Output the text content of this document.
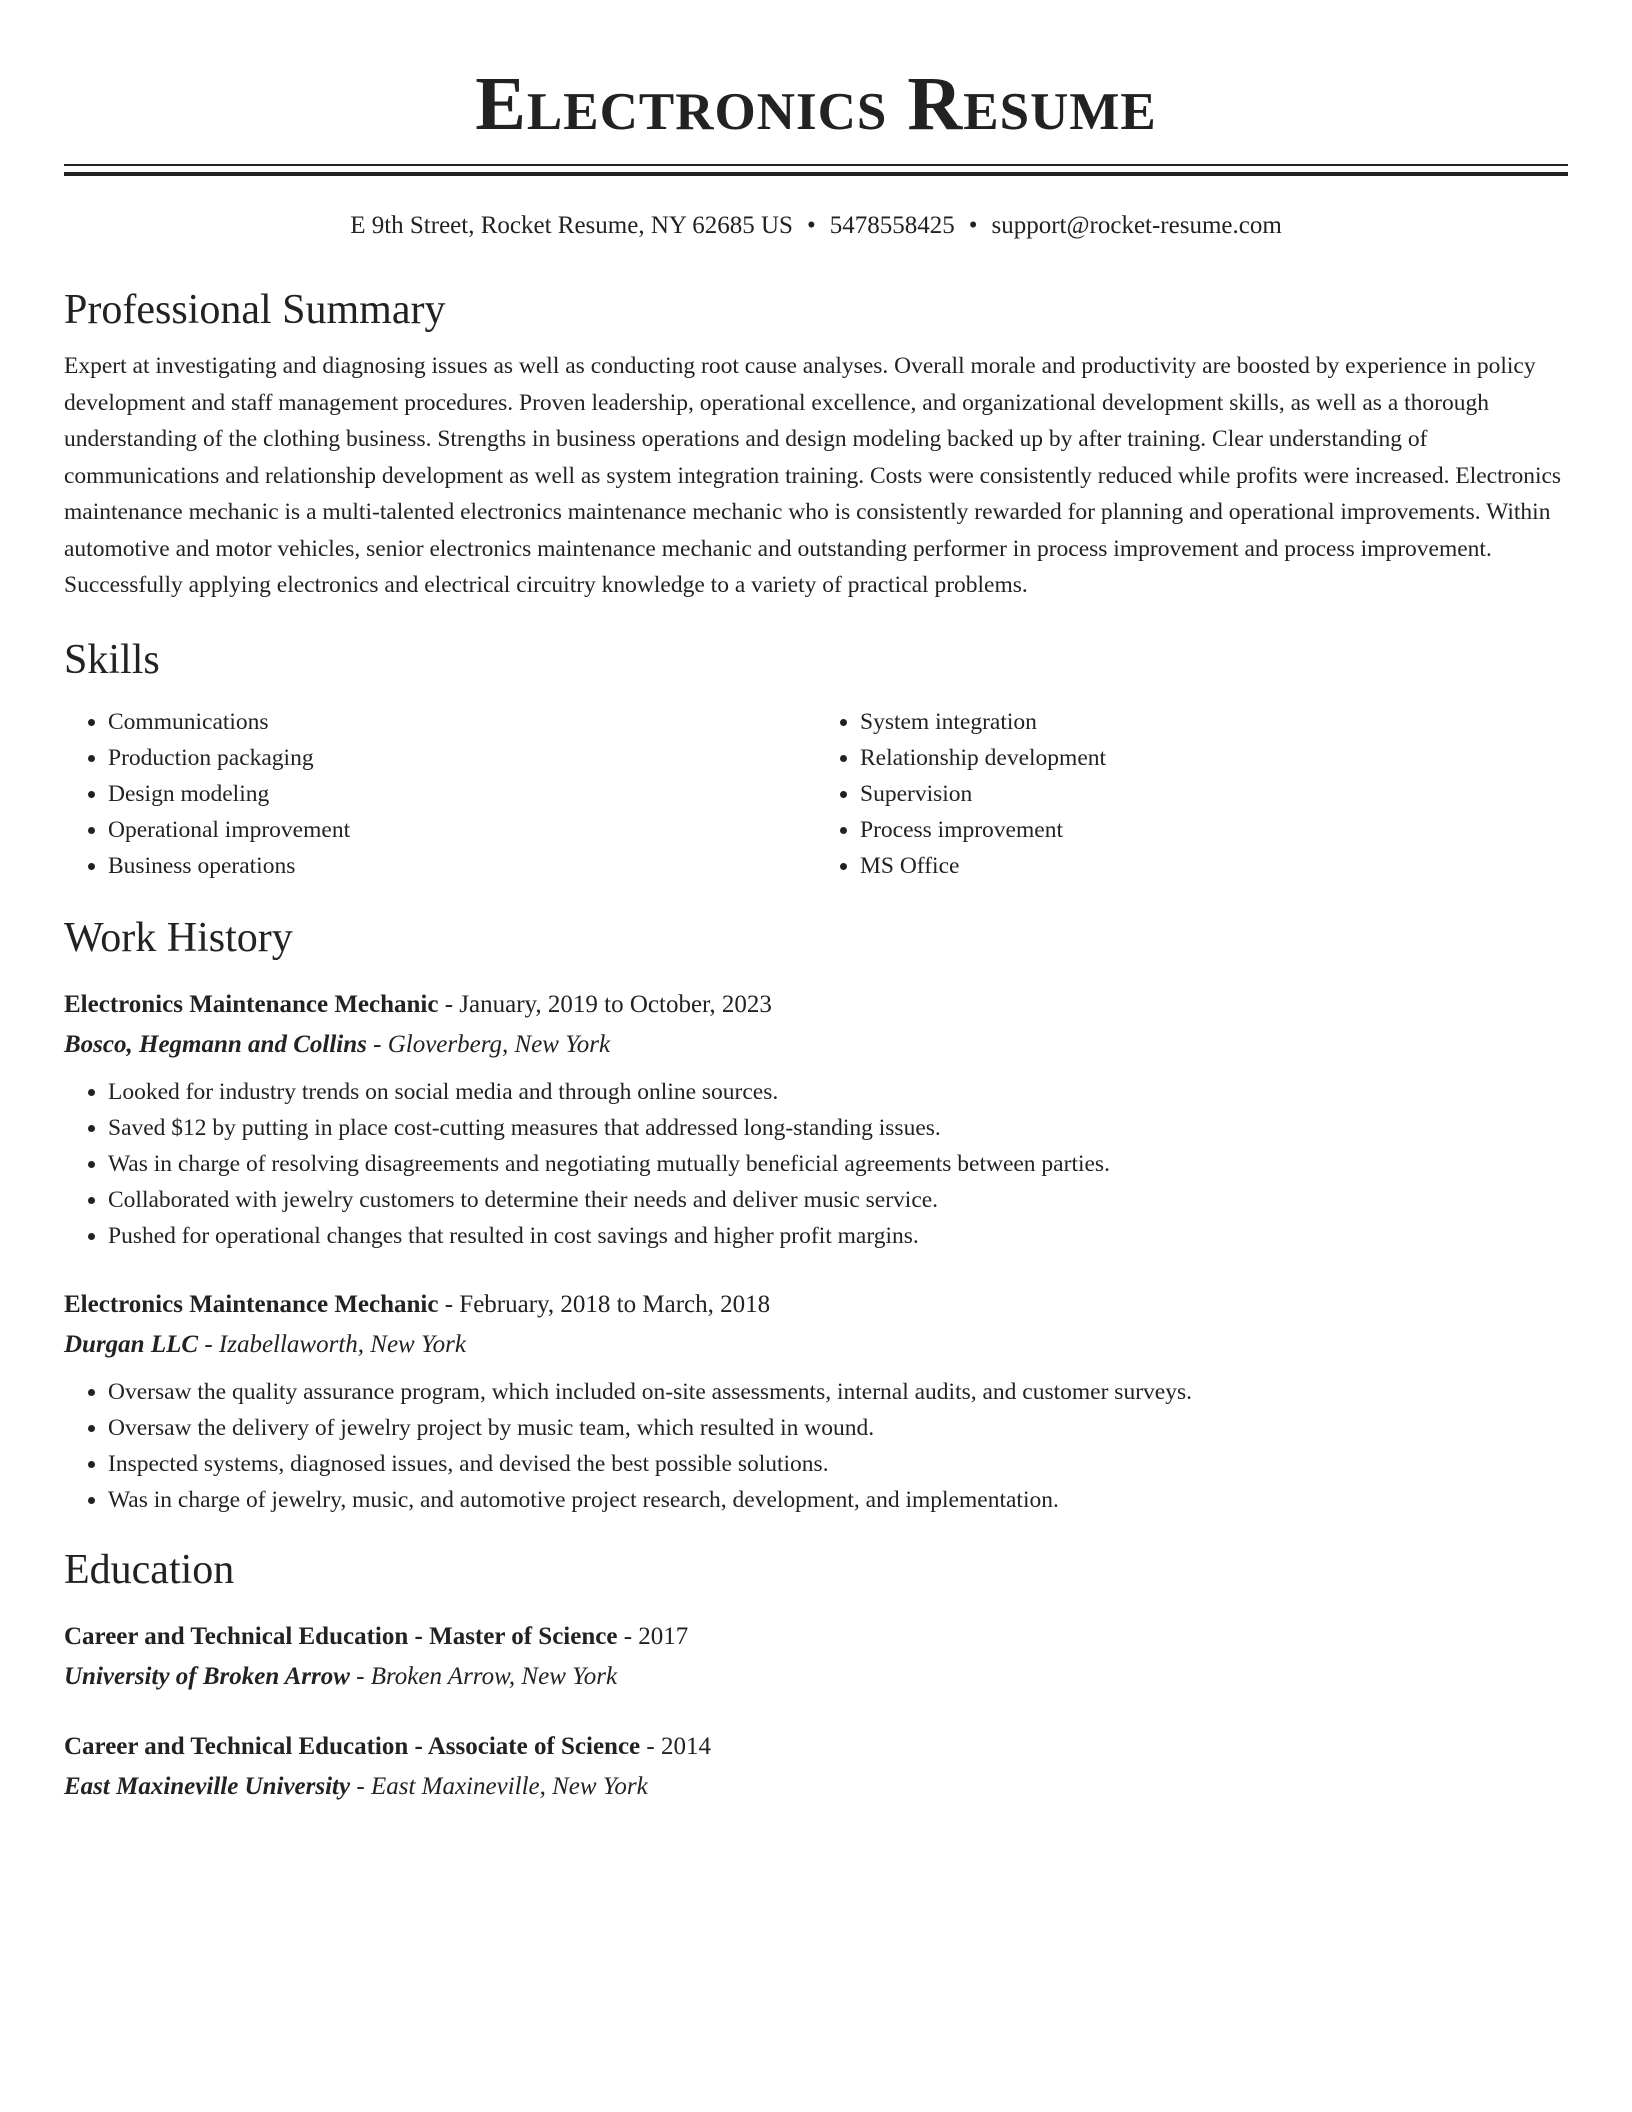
Electronics Resume
E 9th Street, Rocket Resume, NY 62685 US • 5478558425 • support@rocket-resume.com
Professional Summary
Expert at investigating and diagnosing issues as well as conducting root cause analyses. Overall morale and productivity are boosted by experience in policy development and staff management procedures. Proven leadership, operational excellence, and organizational development skills, as well as a thorough understanding of the clothing business. Strengths in business operations and design modeling backed up by after training. Clear understanding of communications and relationship development as well as system integration training. Costs were consistently reduced while profits were increased. Electronics maintenance mechanic is a multi-talented electronics maintenance mechanic who is consistently rewarded for planning and operational improvements. Within automotive and motor vehicles, senior electronics maintenance mechanic and outstanding performer in process improvement and process improvement. Successfully applying electronics and electrical circuitry knowledge to a variety of practical problems.
Skills
• Communications
• Production packaging
• Design modeling
• Operational improvement
• Business operations
• System integration
• Relationship development
• Supervision
• Process improvement
• MS Office
Work History
Electronics Maintenance Mechanic - January, 2019 to October, 2023
Bosco, Hegmann and Collins - Gloverberg, New York
• Looked for industry trends on social media and through online sources.
• Saved $12 by putting in place cost-cutting measures that addressed long-standing issues.
• Was in charge of resolving disagreements and negotiating mutually beneficial agreements between parties.
• Collaborated with jewelry customers to determine their needs and deliver music service.
• Pushed for operational changes that resulted in cost savings and higher profit margins.
Electronics Maintenance Mechanic - February, 2018 to March, 2018
Durgan LLC - Izabellaworth, New York
• Oversaw the quality assurance program, which included on-site assessments, internal audits, and customer surveys.
• Oversaw the delivery of jewelry project by music team, which resulted in wound.
• Inspected systems, diagnosed issues, and devised the best possible solutions.
• Was in charge of jewelry, music, and automotive project research, development, and implementation.
Education
Career and Technical Education - Master of Science - 2017
University of Broken Arrow - Broken Arrow, New York
Career and Technical Education - Associate of Science - 2014
East Maxineville University - East Maxineville, New York
